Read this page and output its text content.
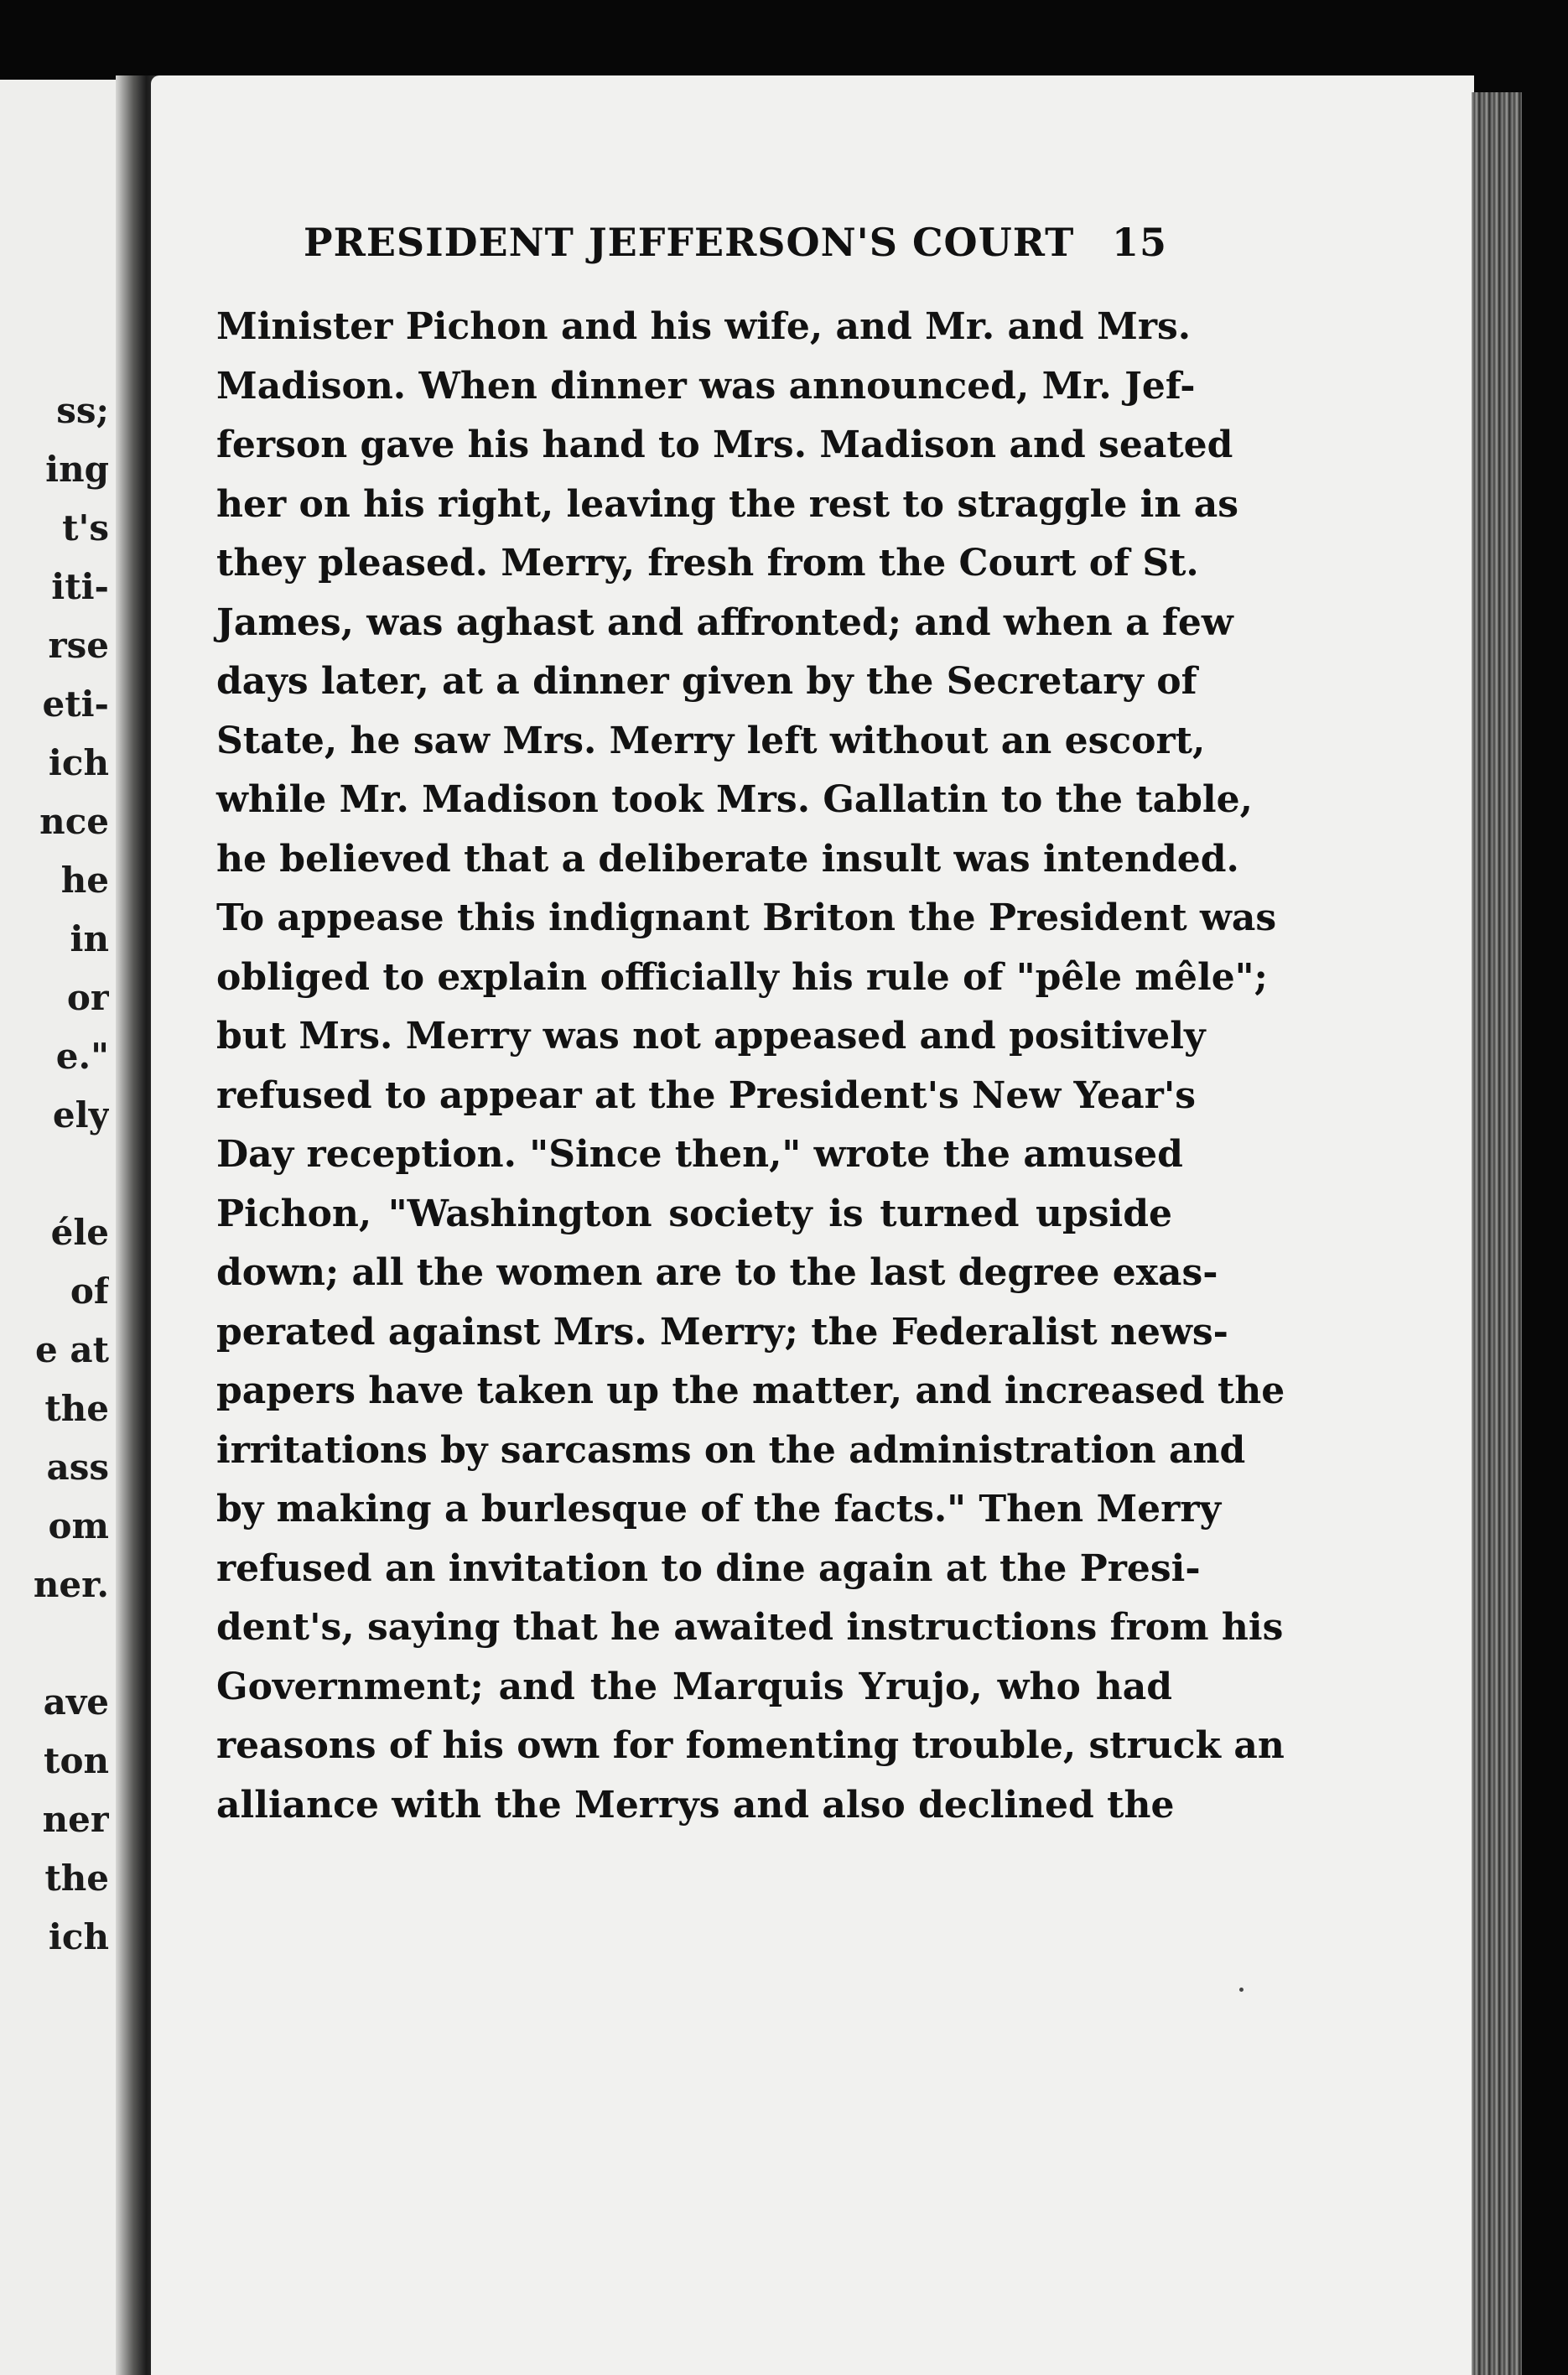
ss;
ing
t's
iti-
rse
eti-
ich
nce
he
in
or
e."
ely
éle
of
e at
the
ass
om
ner.
ave
ton
ner
the
ich
PRESIDENT JEFFERSON'S COURT 15
Minister Pichon and his wife, and Mr. and Mrs.
Madison. When dinner was announced, Mr. Jef-
ferson gave his hand to Mrs. Madison and seated
her on his right, leaving the rest to straggle in as
they pleased. Merry, fresh from the Court of St.
James, was aghast and affronted; and when a few
days later, at a dinner given by the Secretary of
State, he saw Mrs. Merry left without an escort,
while Mr. Madison took Mrs. Gallatin to the table,
he believed that a deliberate insult was intended.
To appease this indignant Briton the President was
obliged to explain officially his rule of "pêle mêle";
but Mrs. Merry was not appeased and positively
refused to appear at the President's New Year's
Day reception. "Since then," wrote the amused
Pichon, "Washington society is turned upside
down; all the women are to the last degree exas-
perated against Mrs. Merry; the Federalist news-
papers have taken up the matter, and increased the
irritations by sarcasms on the administration and
by making a burlesque of the facts." Then Merry
refused an invitation to dine again at the Presi-
dent's, saying that he awaited instructions from his
Government; and the Marquis Yrujo, who had
reasons of his own for fomenting trouble, struck an
alliance with the Merrys and also declined the
